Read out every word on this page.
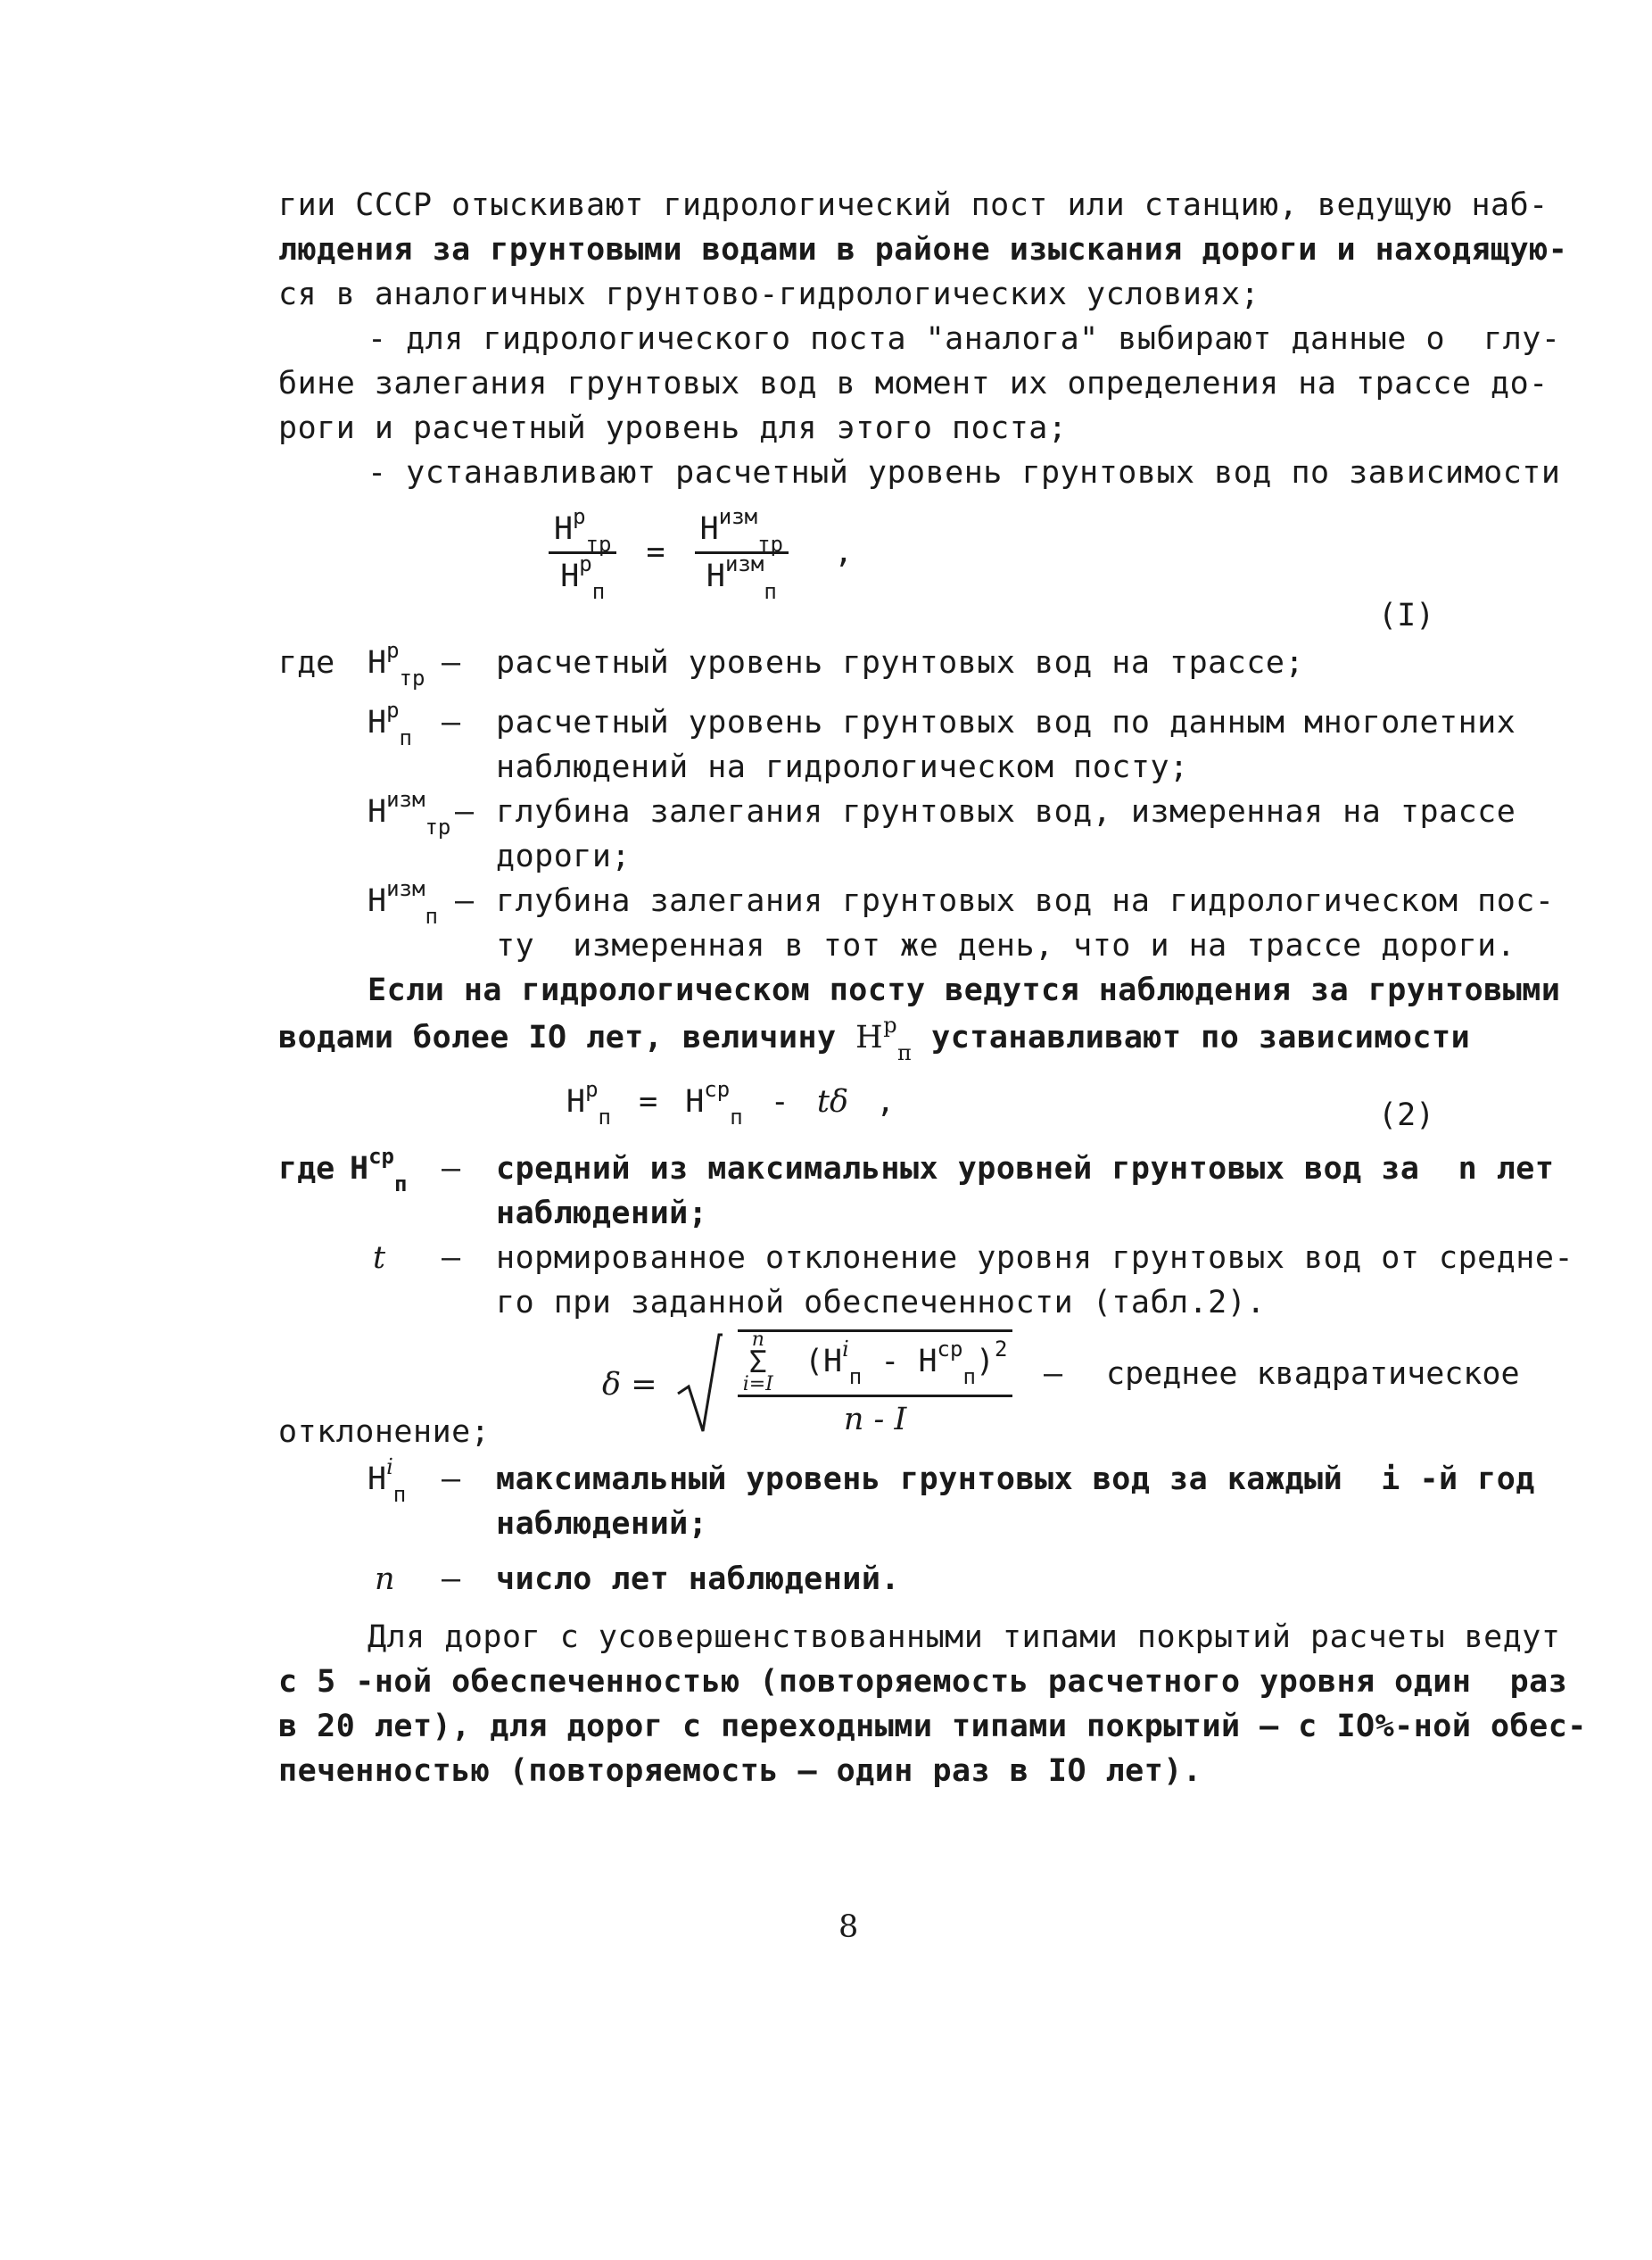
гии СССР отыскивают гидрологический пост или станцию, ведущую наб-
людения за грунтовыми водами в районе изыскания дороги и находящую-
ся в аналогичных грунтово-гидрологических условиях;
- для гидрологического поста "аналога" выбирают данные о  глу-
бине залегания грунтовых вод в момент их определения на трассе до-
роги и расчетный уровень для этого поста;
- устанавливают расчетный уровень грунтовых вод по зависимости
$\frac{Н^р_{тр}}{Н^р_п} = \frac{Н^{изм}_{тр}}{Н^{изм}_п}$ ,
(I)
где $Н^р_{тр}$ — расчетный уровень грунтовых вод на трассе;
$Н^р_п$ — расчетный уровень грунтовых вод по данным многолетних
наблюдений на гидрологическом посту;
$Н^{изм}_{тр}$ — глубина залегания грунтовых вод, измеренная на трассе
дороги;
$Н^{изм}_п$ — глубина залегания грунтовых вод на гидрологическом пос-
ту  измеренная в тот же день, что и на трассе дороги.
Если на гидрологическом посту ведутся наблюдения за грунтовыми
водами более IO лет, величину $Н^р_п$ устанавливают по зависимости
$Н^р_п = Н^{ср}_п - t\delta$ ,	(2)
где $Н^{ср}_п$ — средний из максимальных уровней грунтовых вод за  n лет
наблюдений;
t — нормированное отклонение уровня грунтовых вод от средне-
го при заданной обеспеченности (табл.2).
δ =
n
Σ
i=I
$(Н^i_п - Н^{ср}_п)^2$
n - I
— среднее квадратическое
отклонение;
$Н^i_п$ — максимальный уровень грунтовых вод за каждый  i -й год
наблюдений;
n — число лет наблюдений.
Для дорог с усовершенствованными типами покрытий расчеты ведут
с 5 -ной обеспеченностью (повторяемость расчетного уровня один  раз
в 20 лет), для дорог с переходными типами покрытий — с IO%-ной обес-
печенностью (повторяемость — один раз в IO лет).
8
